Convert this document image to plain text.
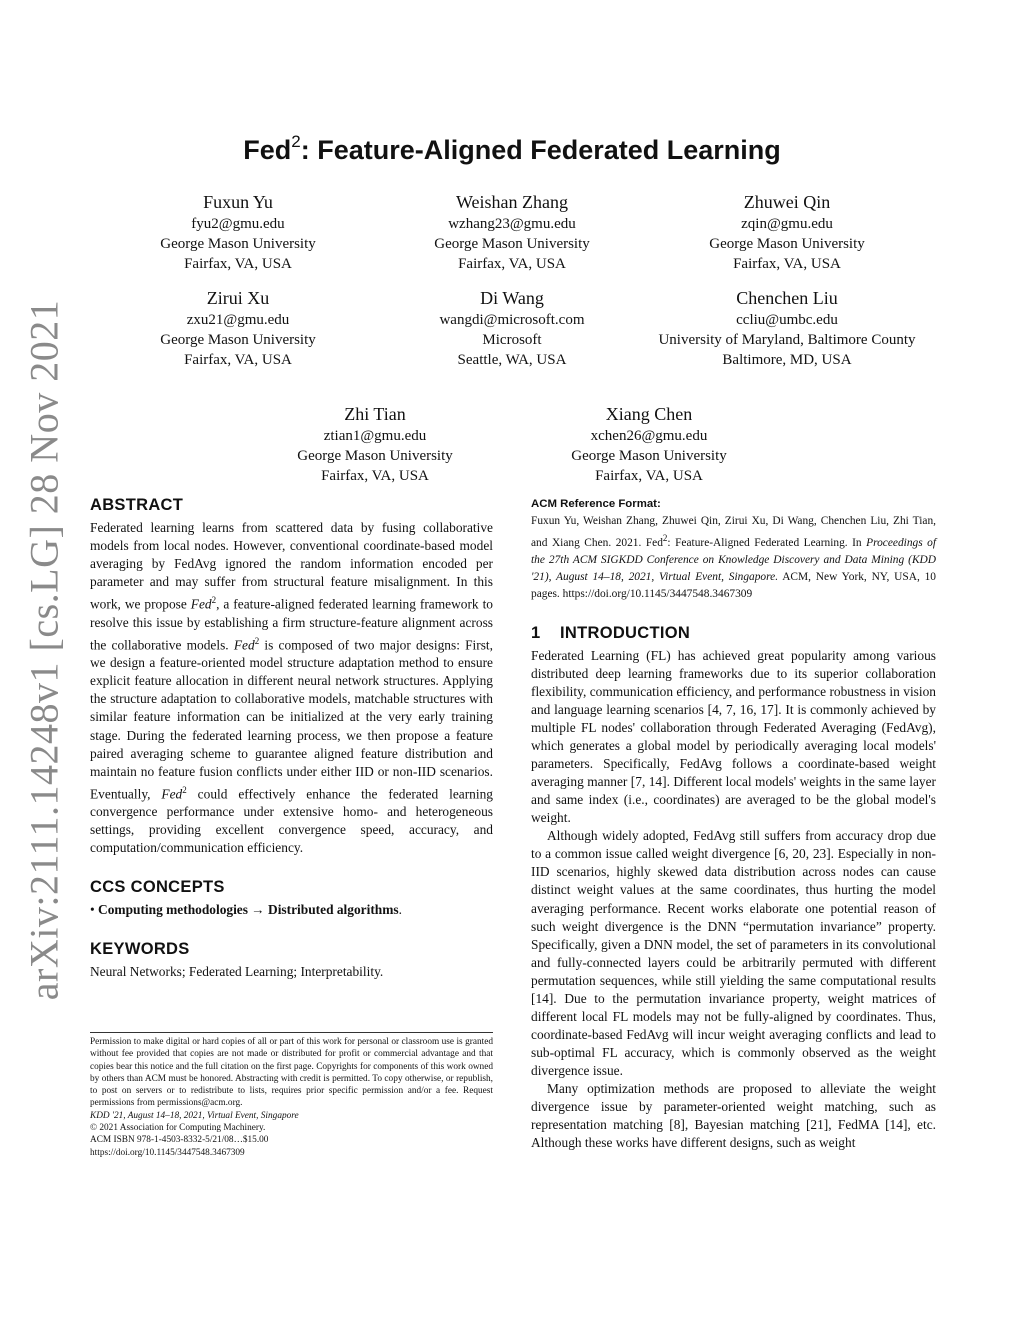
arXiv:2111.14248v1 [cs.LG] 28 Nov 2021
Fed$^2$: Feature-Aligned Federated Learning
Fuxun Yu
fyu2@gmu.edu
George Mason University
Fairfax, VA, USA
Weishan Zhang
wzhang23@gmu.edu
George Mason University
Fairfax, VA, USA
Zhuwei Qin
zqin@gmu.edu
George Mason University
Fairfax, VA, USA
Zirui Xu
zxu21@gmu.edu
George Mason University
Fairfax, VA, USA
Di Wang
wangdi@microsoft.com
Microsoft
Seattle, WA, USA
Chenchen Liu
ccliu@umbc.edu
University of Maryland, Baltimore County
Baltimore, MD, USA
Zhi Tian
ztian1@gmu.edu
George Mason University
Fairfax, VA, USA
Xiang Chen
xchen26@gmu.edu
George Mason University
Fairfax, VA, USA
ABSTRACT

Federated learning learns from scattered data by fusing collaborative models from local nodes. However, conventional coordinate-based model averaging by FedAvg ignored the random information encoded per parameter and may suffer from structural feature misalignment. In this work, we propose Fed$^2$, a feature-aligned federated learning framework to resolve this issue by establishing a firm structure-feature alignment across the collaborative models. Fed$^2$ is composed of two major designs: First, we design a feature-oriented model structure adaptation method to ensure explicit feature allocation in different neural network structures. Applying the structure adaptation to collaborative models, matchable structures with similar feature information can be initialized at the very early training stage. During the federated learning process, we then propose a feature paired averaging scheme to guarantee aligned feature distribution and maintain no feature fusion conflicts under either IID or non-IID scenarios. Eventually, Fed$^2$ could effectively enhance the federated learning convergence performance under extensive homo- and heterogeneous settings, providing excellent convergence speed, accuracy, and computation/communication efficiency.

CCS CONCEPTS

• Computing methodologies → Distributed algorithms.

KEYWORDS

Neural Networks; Federated Learning; Interpretability.

Permission to make digital or hard copies of all or part of this work for personal or classroom use is granted without fee provided that copies are not made or distributed for profit or commercial advantage and that copies bear this notice and the full citation on the first page. Copyrights for components of this work owned by others than ACM must be honored. Abstracting with credit is permitted. To copy otherwise, or republish, to post on servers or to redistribute to lists, requires prior specific permission and/or a fee. Request permissions from permissions@acm.org.

KDD '21, August 14–18, 2021, Virtual Event, Singapore

© 2021 Association for Computing Machinery.

ACM ISBN 978-1-4503-8332-5/21/08…$15.00

https://doi.org/10.1145/3447548.3467309

ACM Reference Format:

Fuxun Yu, Weishan Zhang, Zhuwei Qin, Zirui Xu, Di Wang, Chenchen Liu, Zhi Tian, and Xiang Chen. 2021. Fed$^2$: Feature-Aligned Federated Learning. In Proceedings of the 27th ACM SIGKDD Conference on Knowledge Discovery and Data Mining (KDD '21), August 14–18, 2021, Virtual Event, Singapore. ACM, New York, NY, USA, 10 pages. https://doi.org/10.1145/3447548.3467309

1    INTRODUCTION

Federated Learning (FL) has achieved great popularity among various distributed deep learning frameworks due to its superior collaboration flexibility, communication efficiency, and performance robustness in vision and language learning scenarios [4, 7, 16, 17]. It is commonly achieved by multiple FL nodes' collaboration through Federated Averaging (FedAvg), which generates a global model by periodically averaging local models' parameters. Specifically, FedAvg follows a coordinate-based weight averaging manner [7, 14]. Different local models' weights in the same layer and same index (i.e., coordinates) are averaged to be the global model's weight.

Although widely adopted, FedAvg still suffers from accuracy drop due to a common issue called weight divergence [6, 20, 23]. Especially in non-IID scenarios, highly skewed data distribution across nodes can cause distinct weight values at the same coordinates, thus hurting the model averaging performance. Recent works elaborate one potential reason of such weight divergence is the DNN “permutation invariance” property. Specifically, given a DNN model, the set of parameters in its convolutional and fully-connected layers could be arbitrarily permuted with different permutation sequences, while still yielding the same computational results [14]. Due to the permutation invariance property, weight matrices of different local FL models may not be fully-aligned by coordinates. Thus, coordinate-based FedAvg will incur weight averaging conflicts and lead to sub-optimal FL accuracy, which is commonly observed as the weight divergence issue.

Many optimization methods are proposed to alleviate the weight divergence issue by parameter-oriented weight matching, such as representation matching [8], Bayesian matching [21], FedMA [14], etc. Although these works have different designs, such as weight
